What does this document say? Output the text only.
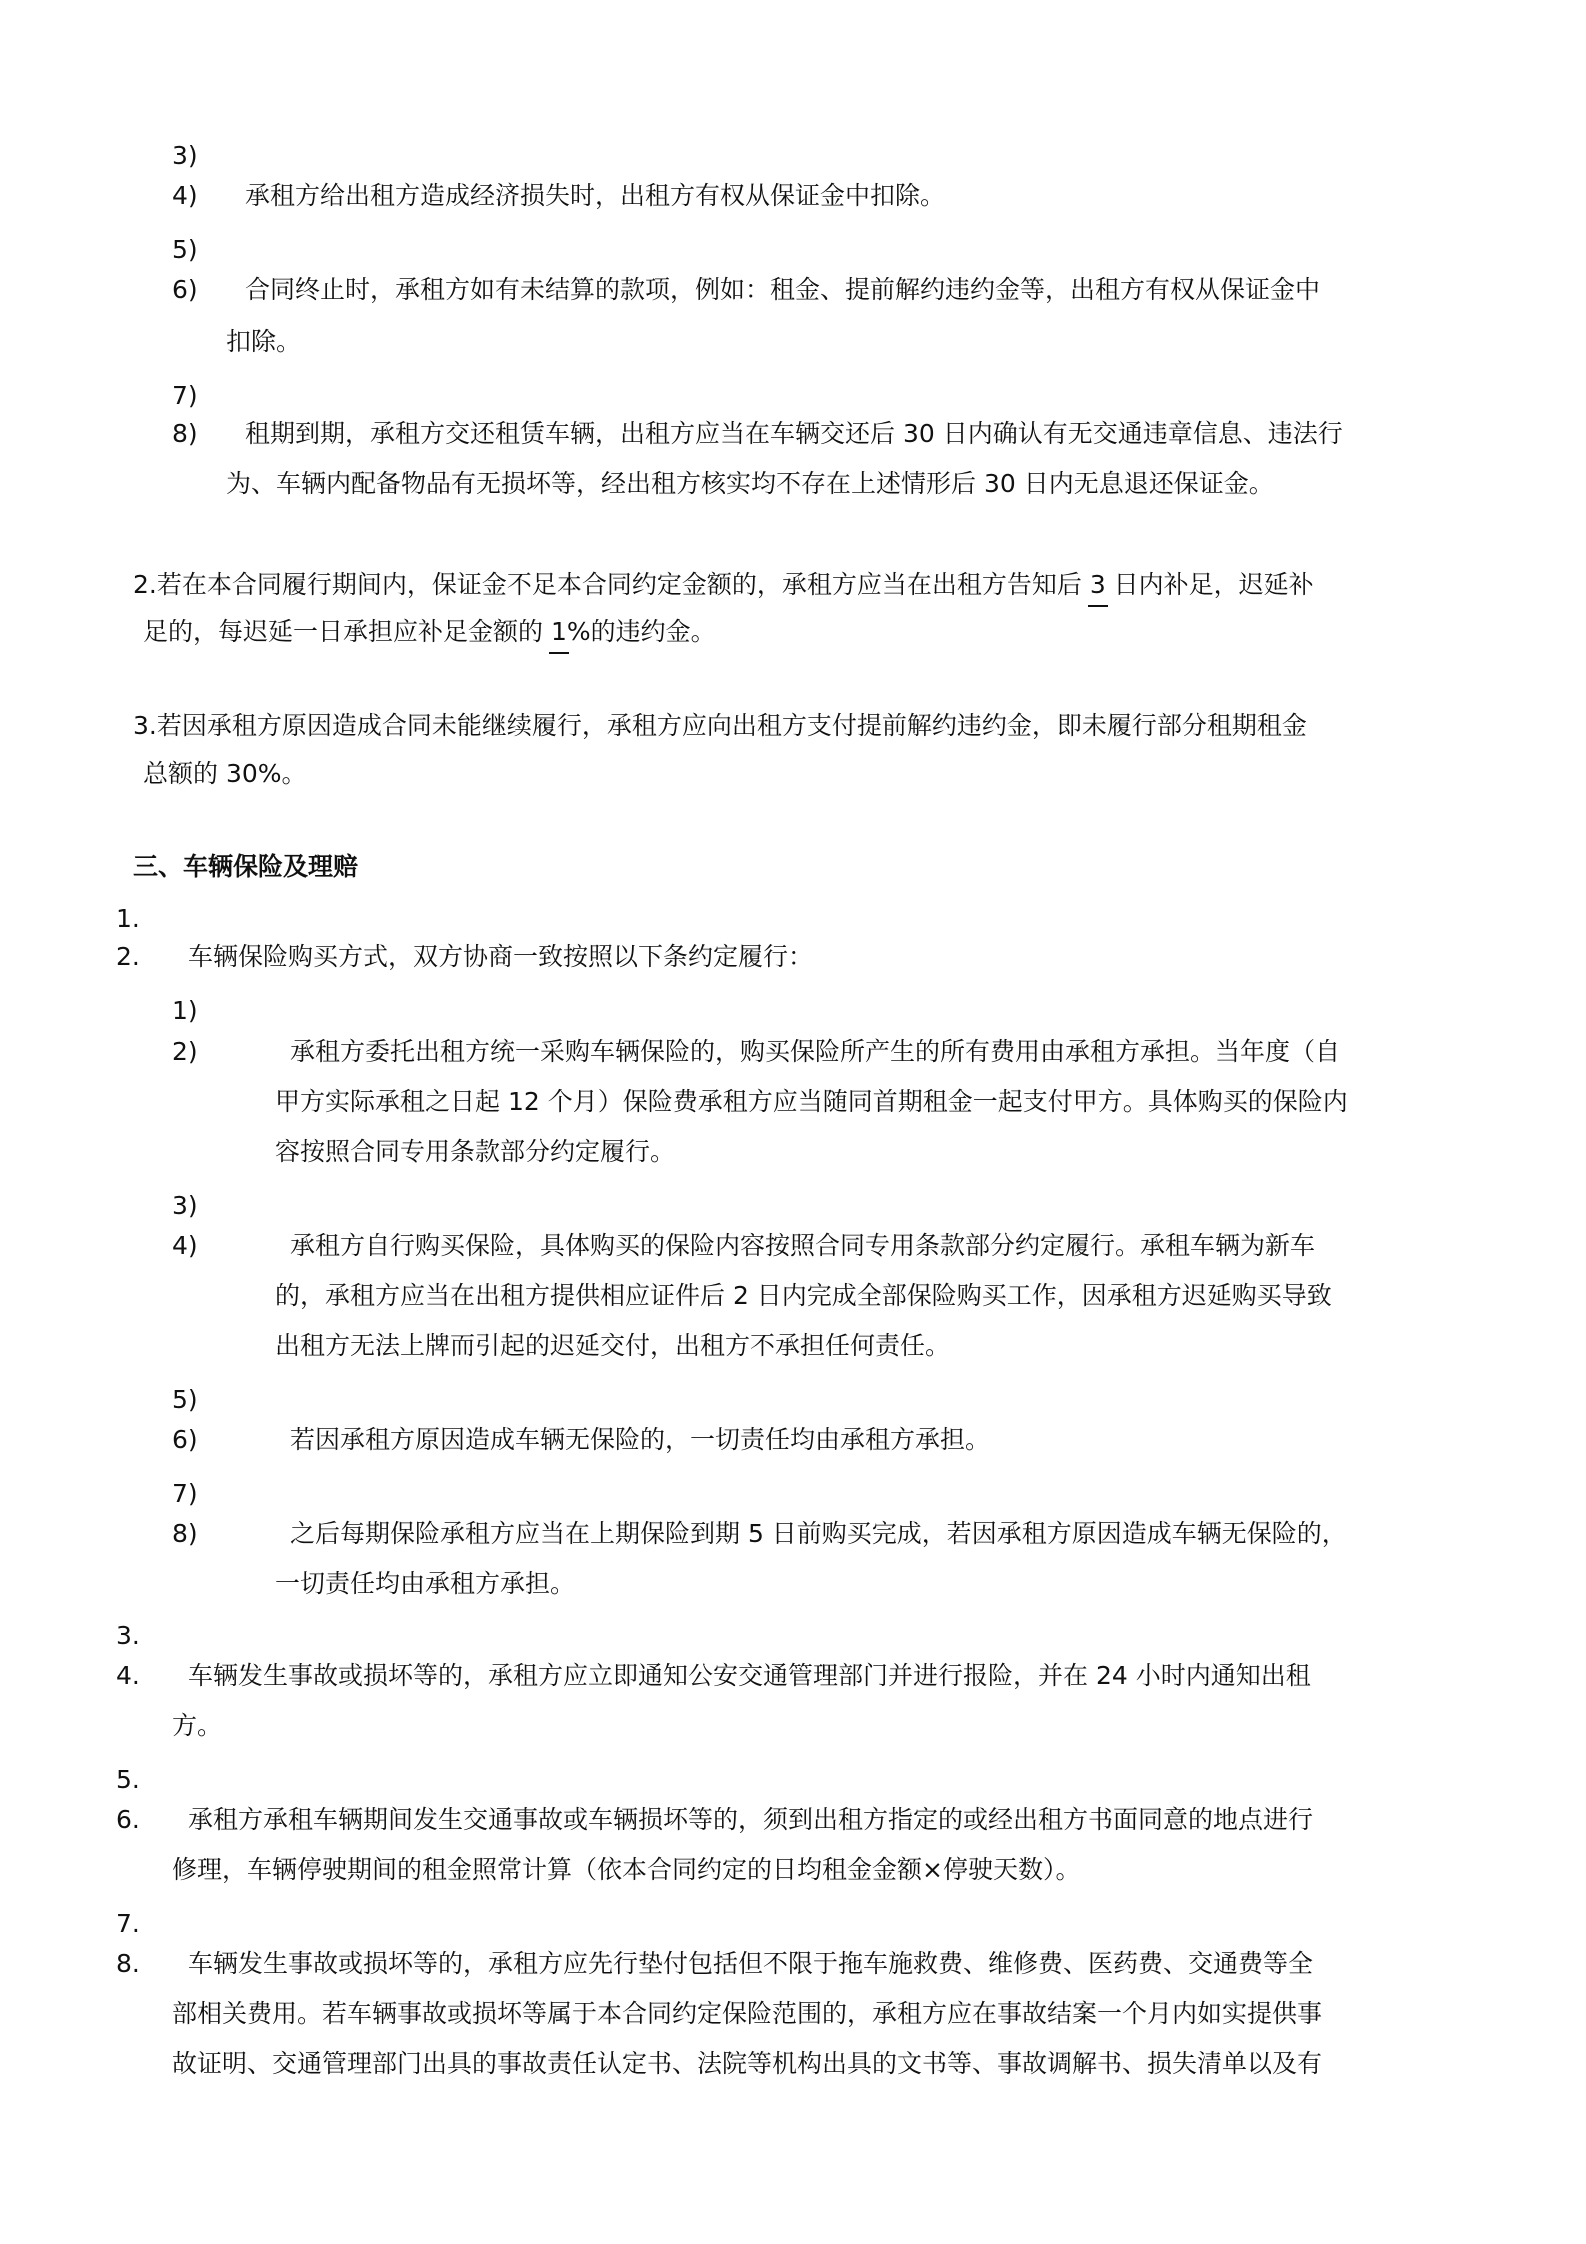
3)
4) 承租方给出租方造成经济损失时，出租方有权从保证金中扣除。
5)
6) 合同终止时，承租方如有未结算的款项，例如：租金、提前解约违约金等，出租方有权从保证金中
扣除。
7)
8) 租期到期，承租方交还租赁车辆，出租方应当在车辆交还后 30 日内确认有无交通违章信息、违法行
为、车辆内配备物品有无损坏等，经出租方核实均不存在上述情形后 30 日内无息退还保证金。
2.若在本合同履行期间内，保证金不足本合同约定金额的，承租方应当在出租方告知后 3 日内补足，迟延补
足的，每迟延一日承担应补足金额的 1%的违约金。
3.若因承租方原因造成合同未能继续履行，承租方应向出租方支付提前解约违约金，即未履行部分租期租金
总额的 30%。
三、车辆保险及理赔
1.
2. 车辆保险购买方式，双方协商一致按照以下条约定履行：
1)
2)	承租方委托出租方统一采购车辆保险的，购买保险所产生的所有费用由承租方承担。当年度（自
甲方实际承租之日起 12 个月）保险费承租方应当随同首期租金一起支付甲方。具体购买的保险内
容按照合同专用条款部分约定履行。
3)
4)	承租方自行购买保险，具体购买的保险内容按照合同专用条款部分约定履行。承租车辆为新车
的，承租方应当在出租方提供相应证件后 2 日内完成全部保险购买工作，因承租方迟延购买导致
出租方无法上牌而引起的迟延交付，出租方不承担任何责任。
5)
6)	若因承租方原因造成车辆无保险的，一切责任均由承租方承担。
7)
8)	之后每期保险承租方应当在上期保险到期 5 日前购买完成，若因承租方原因造成车辆无保险的，
一切责任均由承租方承担。
3.
4. 车辆发生事故或损坏等的，承租方应立即通知公安交通管理部门并进行报险，并在 24 小时内通知出租
方。
5.
6. 承租方承租车辆期间发生交通事故或车辆损坏等的，须到出租方指定的或经出租方书面同意的地点进行
修理，车辆停驶期间的租金照常计算（依本合同约定的日均租金金额×停驶天数）。
7.
8. 车辆发生事故或损坏等的，承租方应先行垫付包括但不限于拖车施救费、维修费、医药费、交通费等全
部相关费用。若车辆事故或损坏等属于本合同约定保险范围的，承租方应在事故结案一个月内如实提供事
故证明、交通管理部门出具的事故责任认定书、法院等机构出具的文书等、事故调解书、损失清单以及有
